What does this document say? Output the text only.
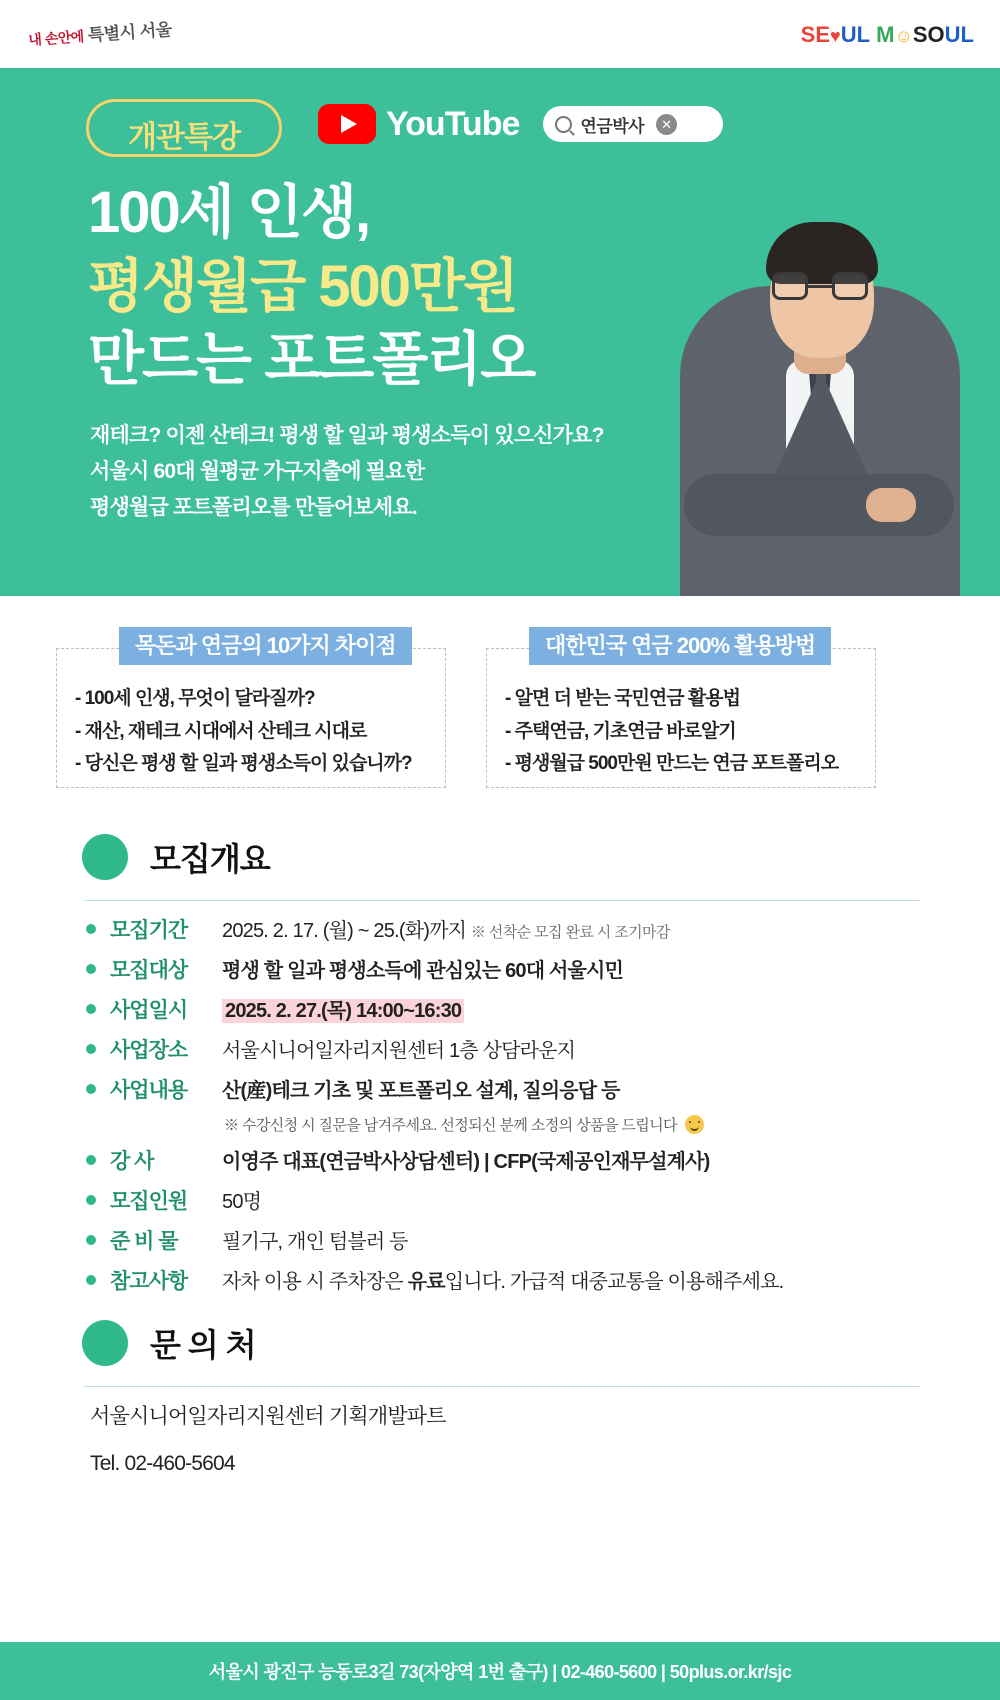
내 손안에 특별시 서울	SE♥UL M☺SOUL
개관특강	YouTube	연금박사	✕
100세 인생,
평생월급 500만원
만드는 포트폴리오
재테크? 이젠 산테크! 평생 할 일과 평생소득이 있으신가요?
서울시 60대 월평균 가구지출에 필요한
평생월급 포트폴리오를 만들어보세요.
목돈과 연금의 10가지 차이점
- 100세 인생, 무엇이 달라질까?
- 재산, 재테크 시대에서 산테크 시대로
- 당신은 평생 할 일과 평생소득이 있습니까?
대한민국 연금 200% 활용방법
- 알면 더 받는 국민연금 활용법
- 주택연금, 기초연금 바로알기
- 평생월급 500만원 만드는 연금 포트폴리오
모집개요
모집기간	2025. 2. 17. (월) ~ 25.(화)까지 ※ 선착순 모집 완료 시 조기마감
모집대상	평생 할 일과 평생소득에 관심있는 60대 서울시민
사업일시	2025. 2. 27.(목) 14:00~16:30
사업장소	서울시니어일자리지원센터 1층 상담라운지
사업내용	산(産)테크 기초 및 포트폴리오 설계, 질의응답 등
※ 수강신청 시 질문을 남겨주세요. 선정되신 분께 소정의 상품을 드립니다
강 사	이영주 대표(연금박사상담센터) | CFP(국제공인재무설계사)
모집인원	50명
준 비 물	필기구, 개인 텀블러 등
참고사항	자차 이용 시 주차장은 유료입니다. 가급적 대중교통을 이용해주세요.
문 의 처
서울시니어일자리지원센터 기획개발파트
Tel. 02-460-5604
서울시 광진구 능동로3길 73(자양역 1번 출구) | 02-460-5600 | 50plus.or.kr/sjc
